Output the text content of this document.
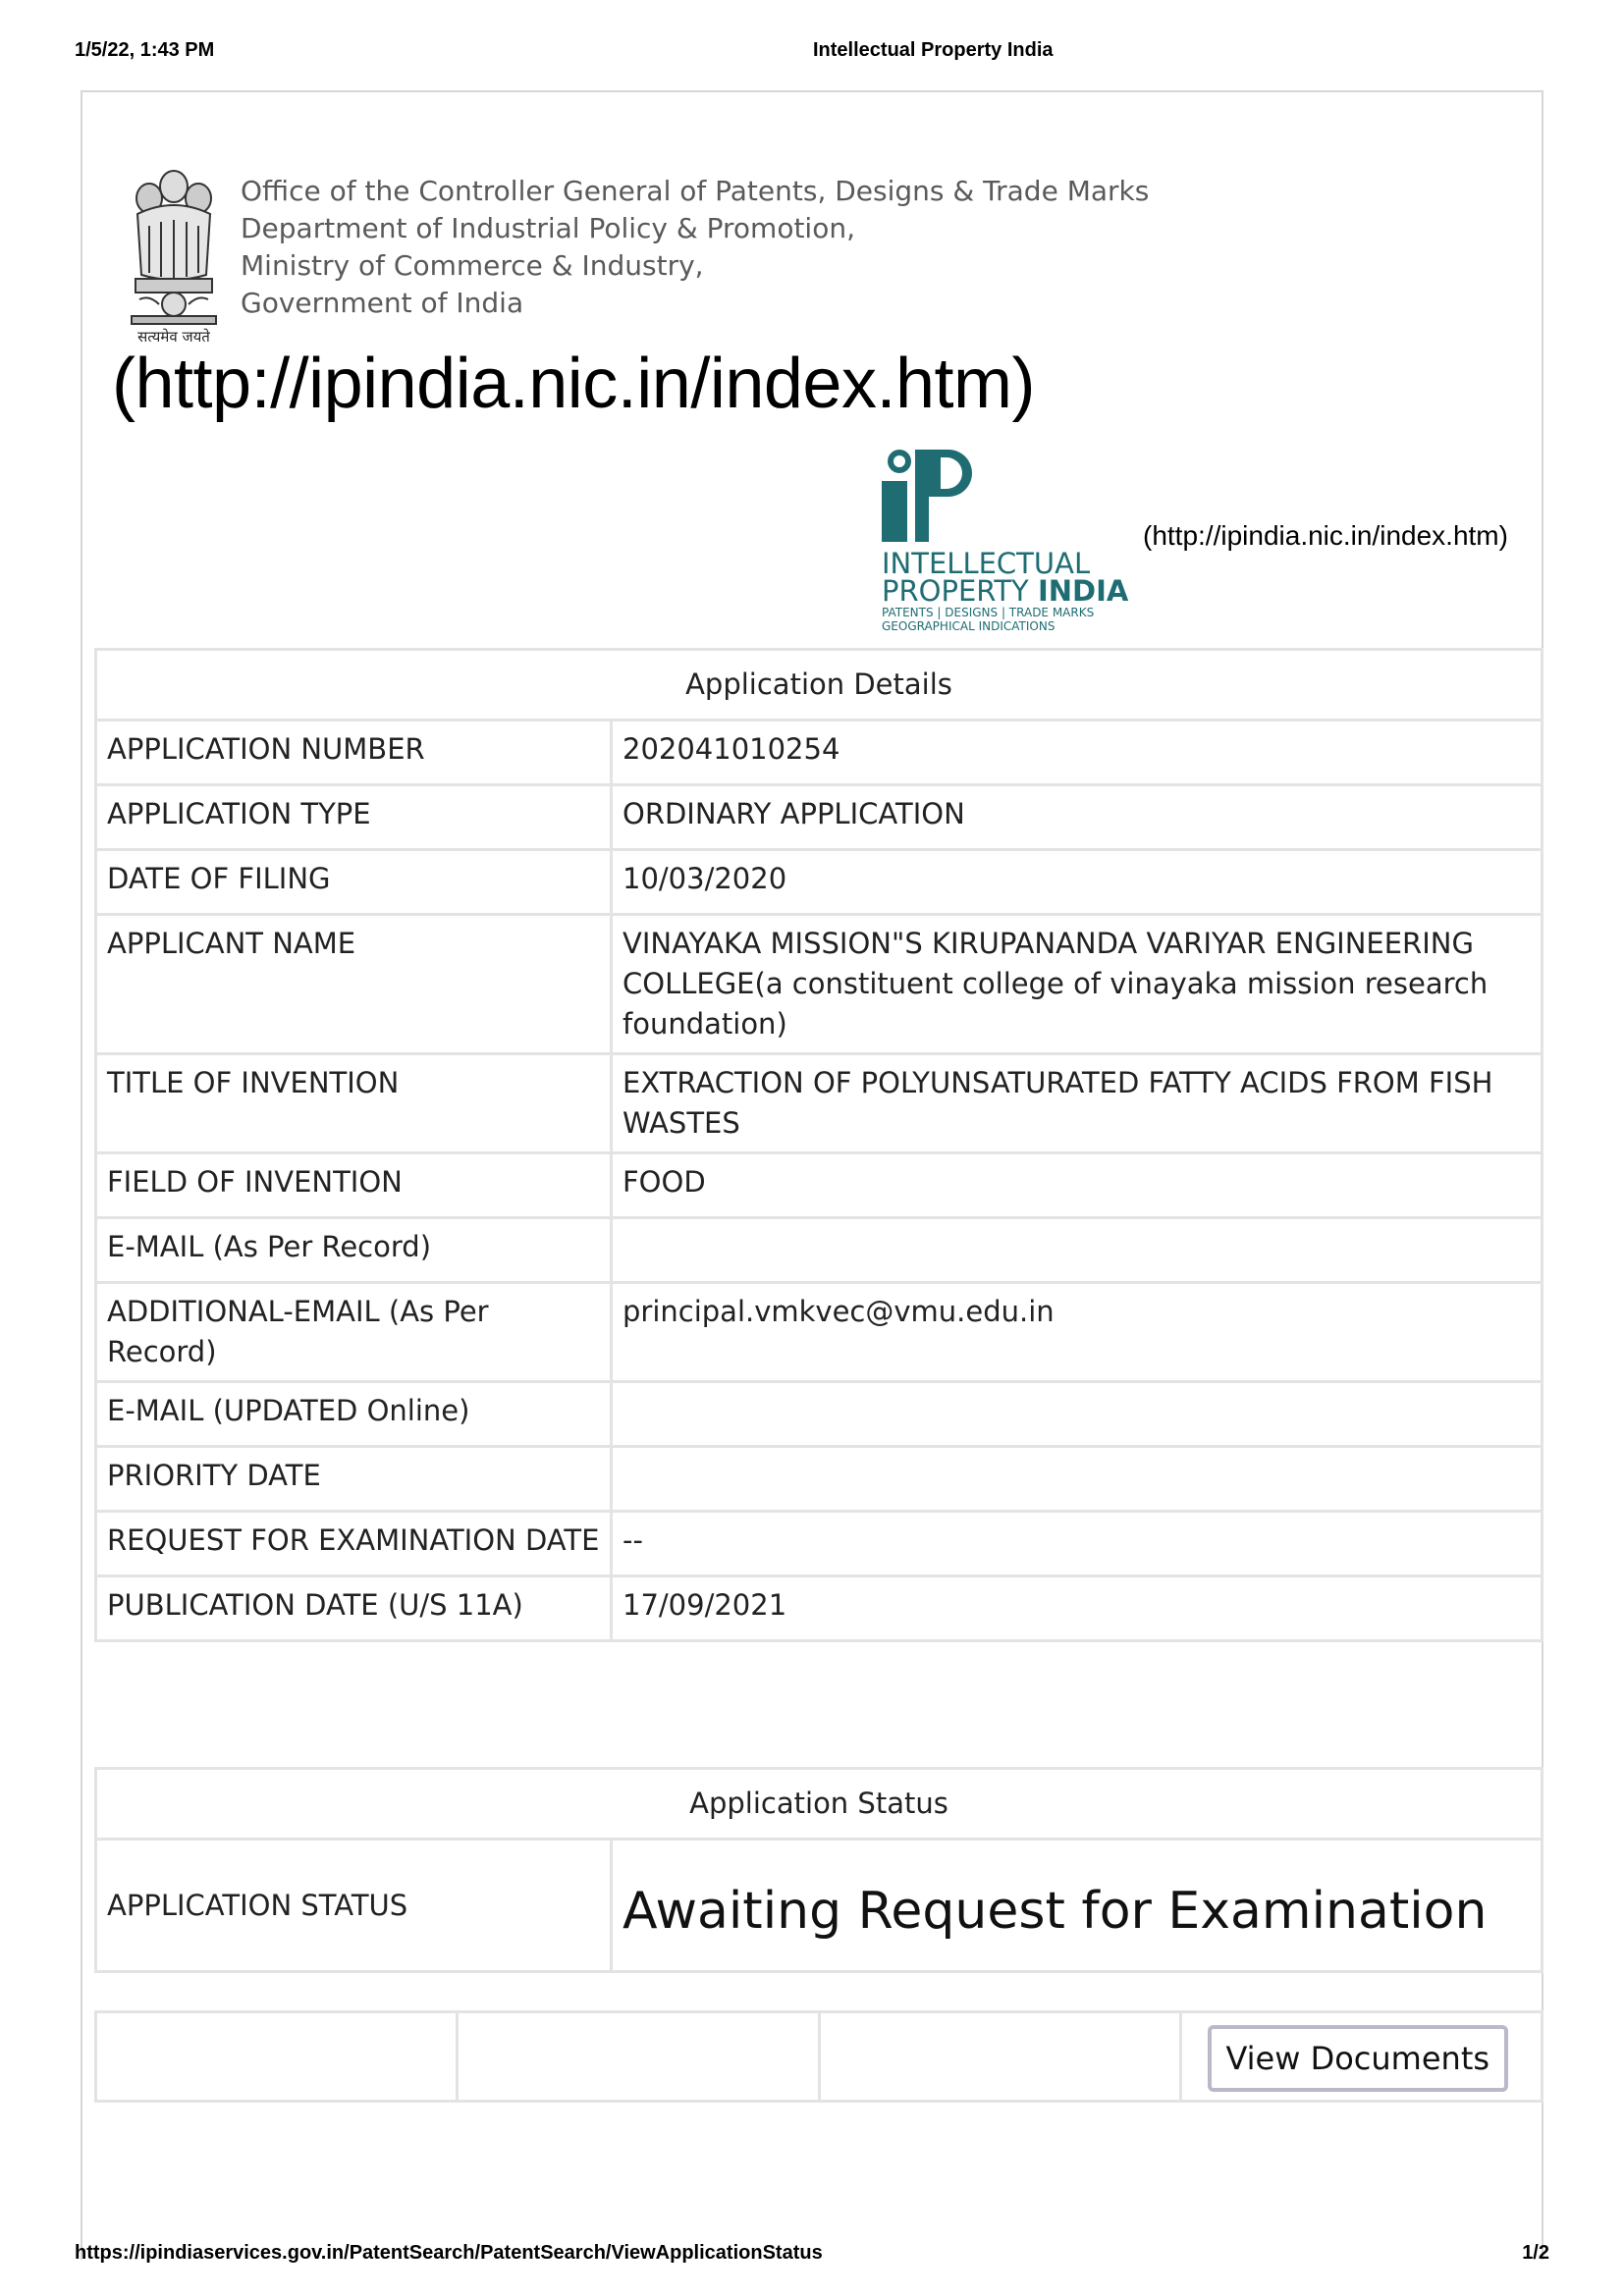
1/5/22, 1:43 PM	Intellectual Property India
सत्यमेव जयते
Office of the Controller General of Patents, Designs & Trade Marks
Department of Industrial Policy & Promotion,
Ministry of Commerce & Industry,
Government of India
(http://ipindia.nic.in/index.htm)
INTELLECTUAL
PROPERTY INDIA
PATENTS | DESIGNS | TRADE MARKS
GEOGRAPHICAL INDICATIONS
(http://ipindia.nic.in/index.htm)
Application Details	
APPLICATION NUMBER	202041010254
APPLICATION TYPE	ORDINARY APPLICATION
DATE OF FILING	10/03/2020
APPLICANT NAME	VINAYAKA MISSION"S KIRUPANANDA VARIYAR ENGINEERING COLLEGE(a constituent college of vinayaka mission research foundation)
TITLE OF INVENTION	EXTRACTION OF POLYUNSATURATED FATTY ACIDS FROM FISH WASTES
FIELD OF INVENTION	FOOD
E-MAIL (As Per Record)	
ADDITIONAL-EMAIL (As Per Record)	principal.vmkvec@vmu.edu.in
E-MAIL (UPDATED Online)	
PRIORITY DATE	
REQUEST FOR EXAMINATION DATE	--
PUBLICATION DATE (U/S 11A)	17/09/2021
Application Status
APPLICATION STATUS	Awaiting Request for Examination
			View Documents
https://ipindiaservices.gov.in/PatentSearch/PatentSearch/ViewApplicationStatus	1/2
